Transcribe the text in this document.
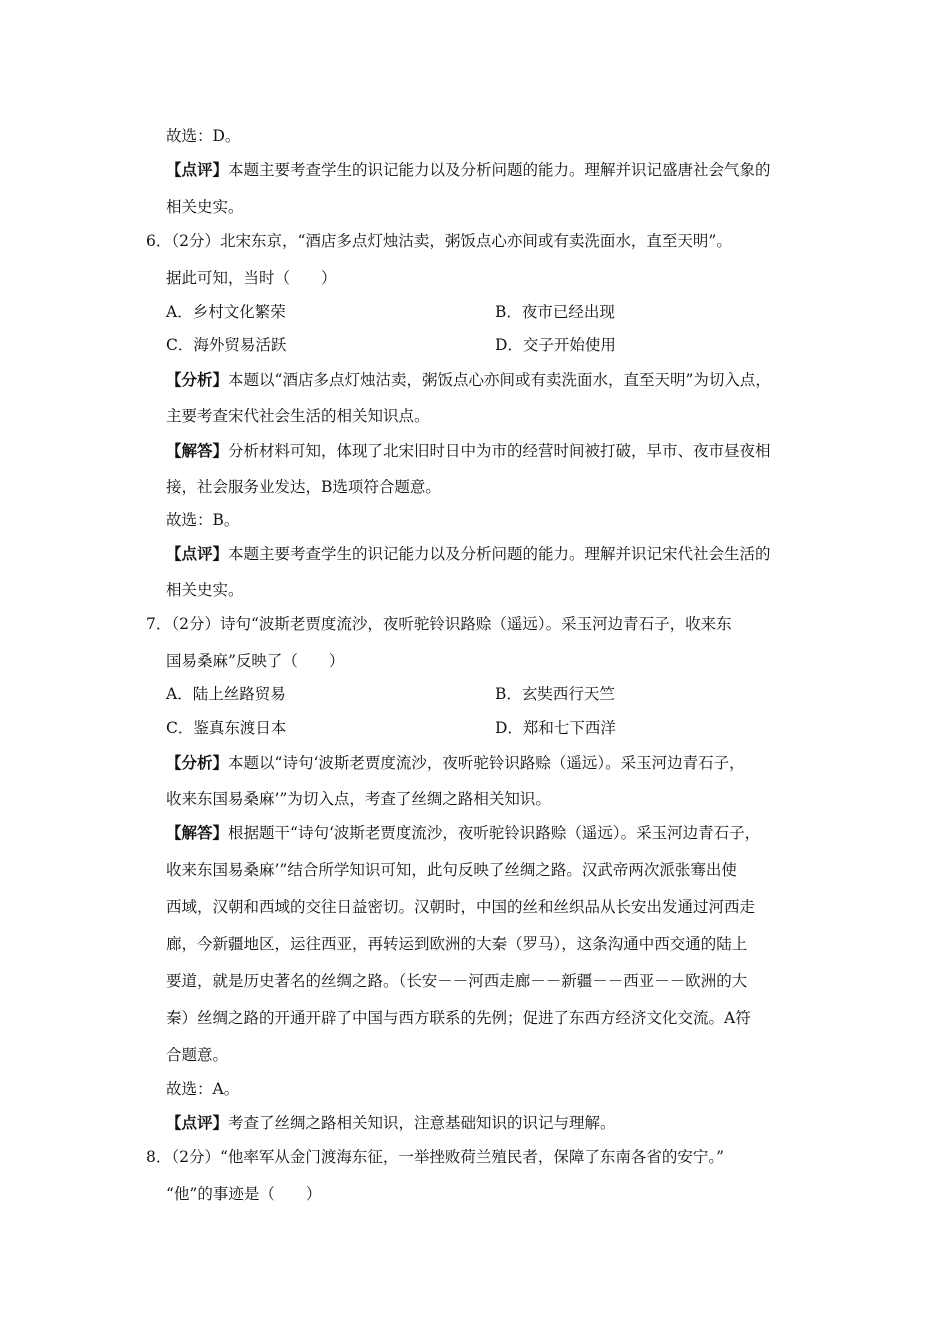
故选：D。
【点评】本题主要考查学生的识记能力以及分析问题的能力。理解并识记盛唐社会气象的
相关史实。
6．（2分）北宋东京，“酒店多点灯烛沽卖，粥饭点心亦间或有卖洗面水，直至天明”。
据此可知，当时（　　）
A．乡村文化繁荣	B．夜市已经出现
C．海外贸易活跃	D．交子开始使用
【分析】本题以“酒店多点灯烛沽卖，粥饭点心亦间或有卖洗面水，直至天明”为切入点，
主要考查宋代社会生活的相关知识点。
【解答】分析材料可知，体现了北宋旧时日中为市的经营时间被打破，早市、夜市昼夜相
接，社会服务业发达，B选项符合题意。
故选：B。
【点评】本题主要考查学生的识记能力以及分析问题的能力。理解并识记宋代社会生活的
相关史实。
7．（2分）诗句“波斯老贾度流沙，夜听驼铃识路赊（遥远）。采玉河边青石子，收来东
国易桑麻”反映了（　　）
A．陆上丝路贸易	B．玄奘西行天竺
C．鉴真东渡日本	D．郑和七下西洋
【分析】本题以“诗句‘波斯老贾度流沙，夜听驼铃识路赊（遥远）。采玉河边青石子，
收来东国易桑麻’”为切入点，考查了丝绸之路相关知识。
【解答】根据题干“诗句‘波斯老贾度流沙，夜听驼铃识路赊（遥远）。采玉河边青石子，
收来东国易桑麻’”结合所学知识可知，此句反映了丝绸之路。汉武帝两次派张骞出使
西域，汉朝和西域的交往日益密切。汉朝时，中国的丝和丝织品从长安出发通过河西走
廊，今新疆地区，运往西亚，再转运到欧洲的大秦（罗马），这条沟通中西交通的陆上
要道，就是历史著名的丝绸之路。（长安－－河西走廊－－新疆－－西亚－－欧洲的大
秦）丝绸之路的开通开辟了中国与西方联系的先例；促进了东西方经济文化交流。A符
合题意。
故选：A。
【点评】考查了丝绸之路相关知识，注意基础知识的识记与理解。
8．（2分）“他率军从金门渡海东征，一举挫败荷兰殖民者，保障了东南各省的安宁。”
“他”的事迹是（　　）
